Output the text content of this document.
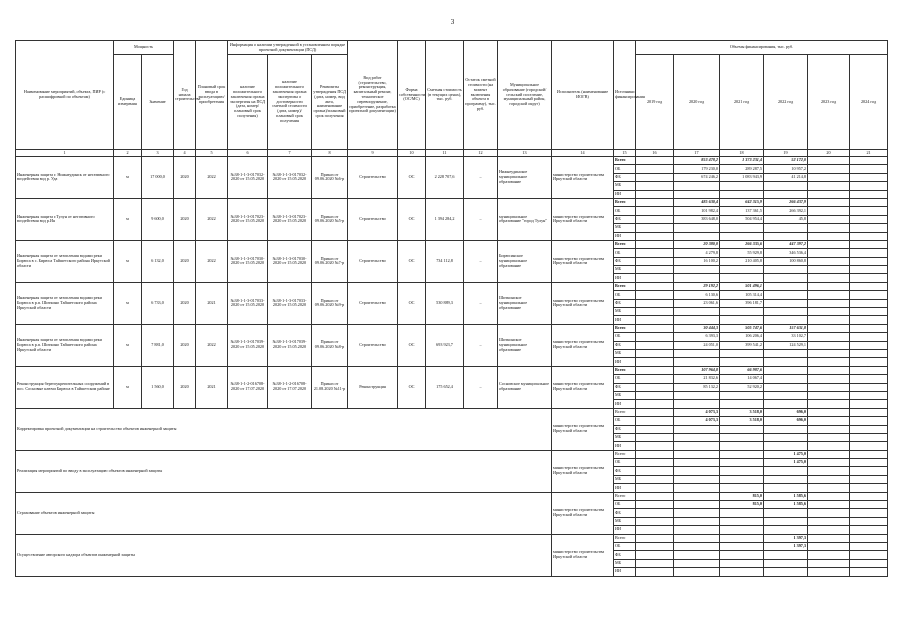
3
Наименование мероприятий, объекта, ПИР (с расшифровкой по объектам)	Мощность		Год начала строительства	Плановый срок ввода в эксплуатацию/приобретения	Информация о наличии утвержденной в установленном порядке проектной документации (ПСД)			Вид работ (строительство, реконструкция, капитальный ремонт, техническое перевооружение, приобретение, разработка проектной документации)	Форма собственности (ОС/МС)	Сметная стоимость (в текущих ценах), тыс. руб.	Остаток сметной стоимости (на момент включения объекта в программу), тыс. руб.	Муниципальное образование (городской/сельский поселение, муниципальный район, городской округ)	Исполнитель (наименование ИОГВ)	Источники финансирования	Объемы финансирования, тыс. руб.					
	Единица измерения	Значение			наличие положительного заключения органа экспертизы на ПСД (дата, номер/плановый срок получения)	наличие положительного заключения органа экспертизы о достоверности сметной стоимости (дата, номер)/плановый срок получения	Реквизиты утверждения ПСД (дата, номер, вид акта, наименование органа)/плановый срок получения								2019 год	2020 год	2021 год	2022 год	2023 год	2024 год
1	2	3	4	5	6	7	8	9	10	11	12	13	14	15	16	17	18	19	20	21
Инженерная защита г. Нижнеудинск от негативного воздействия вод р. Уда	м	17 000,0	2020	2022	№38-1-1-3-017032-2020 от 15.05.2020	№38-1-1-3-017032-2020 от 15.05.2020	Приказ от 09.06.2020 №6-р	Строительство	ОС	2 228 707,6	–	Нижнеудинское муниципальное образование	министерство строительства Иркутской области	Всего		853 478,2	1 373 231,4	52 172,0		
														ОБ		179 230,0	289 287,5	10 957,2		
														ФБ		674 246,2	1 083 943,9	41 214,8		
														МБ						
														ИИ						
Инженерная защита г.Тулун от негативного воздействия вод р.Ия	м	9 600,0	2020	2022	№38-1-1-3-017023-2020 от 15.05.2020	№38-1-1-3-017023-2020 от 15.05.2020	Приказ от 09.06.2020 №5-р	Строительство	ОС	1 394 284,2	–	муниципальное образование "город Тулун"	министерство строительства Иркутской области	Всего		485 630,4	642 315,9	266 437,9		
														ОБ		101 982,4	137 361,5	266 392,1		
														ФБ		383 648,0	504 954,4	45,8		
														МБ						
														ИИ						
Инженерная защита от затопления водами реки Бирюса в с. Бирюса Тайшетского района Иркутской области	м	6 132,0	2020	2022	№38-1-1-3-017030-2020 от 15.05.2020	№38-1-1-3-017030-2020 от 15.05.2020	Приказ от 09.06.2020 №7-р	Строительство	ОС	734 112,8	–	Бирюсинское муниципальное образование	министерство строительства Иркутской области	Всего		20 380,0	266 335,6	447 397,2		
														ОБ		4 279,8	55 929,8	346 536,4		
														ФБ		16 100,2	210 405,8	100 860,8		
														МБ						
														ИИ						
Инженерная защита от затопления водами реки Бирюса в р.п. Шиткино Тайшетского района Иркутской области	м	6 733,0	2020	2021	№38-1-1-3-017033-2020 от 15.05.2020	№38-1-1-3-017033-2020 от 15.05.2020	Приказ от 09.06.2020 №9-р	Строительство	ОС	530 889,3	–	Шиткинское муниципальное образование	министерство строительства Иркутской области	Всего		29 192,2	501 496,1			
														ОБ		6 130,6	105 314,4			
														ФБ		23 061,6	396 181,7			
														МБ						
														ИИ						
Инженерная защита от затопления водами реки Бирюса в р.п. Шиткино Тайшетского района Иркутской области	м	7 881,0	2020	2022	№38-1-1-3-017039-2020 от 15.05.2020	№38-1-1-3-017039-2020 от 15.05.2020	Приказ от 09.06.2020 №8-р	Строительство	ОС	693 923,7	–	Шиткинское муниципальное образование	министерство строительства Иркутской области	Всего		30 444,3	505 747,6	157 631,8		
														ОБ		6 393,3	106 206,4	33 102,7		
														ФБ		24 051,0	399 541,2	124 529,1		
														МБ						
														ИИ						
Реконструкция берегоукрепительных сооружений в пос. Сосновые ключи Бирюса в Тайшетском районе	м	1 560,0	2020	2021	№38-1-1-2-016708-2020 от 17.07.2020	№38-1-1-2-016708-2020 от 17.07.2020	Приказ от 21.08.2020 №11-р	Реконструкция	ОС	175 652,4	–	Сосновское муниципальное образование	министерство строительства Иркутской области	Всего		107 964,8	66 987,6			
														ОБ		21 832,6	14 067,4			
														ФБ		85 132,2	52 920,2			
														МБ						
														ИИ						
Корректировка проектной документации на строительство объектов инженерной защиты													министерство строительства Иркутской области	Всего		4 073,3	3 518,0	696,0		
														ОБ		4 073,3	3 518,0	696,0		
														ФБ						
														МБ						
														ИИ						
Реализация мероприятий по вводу в эксплуатацию объектов инженерной защиты													министерство строительства Иркутской области	Всего				1 475,0		
														ОБ				1 475,0		
														ФБ						
														МБ						
														ИИ						
Страхование объектов инженерной защиты													министерство строительства Иркутской области	Всего			815,0	1 585,6		
														ОБ			815,0	1 585,6		
														ФБ						
														МБ						
														ИИ						
Осуществление авторского надзора объектов инженерной защиты													министерство строительства Иркутской области	Всего				1 397,3		
														ОБ				1 397,3		
														ФБ						
														МБ						
														ИИ						
